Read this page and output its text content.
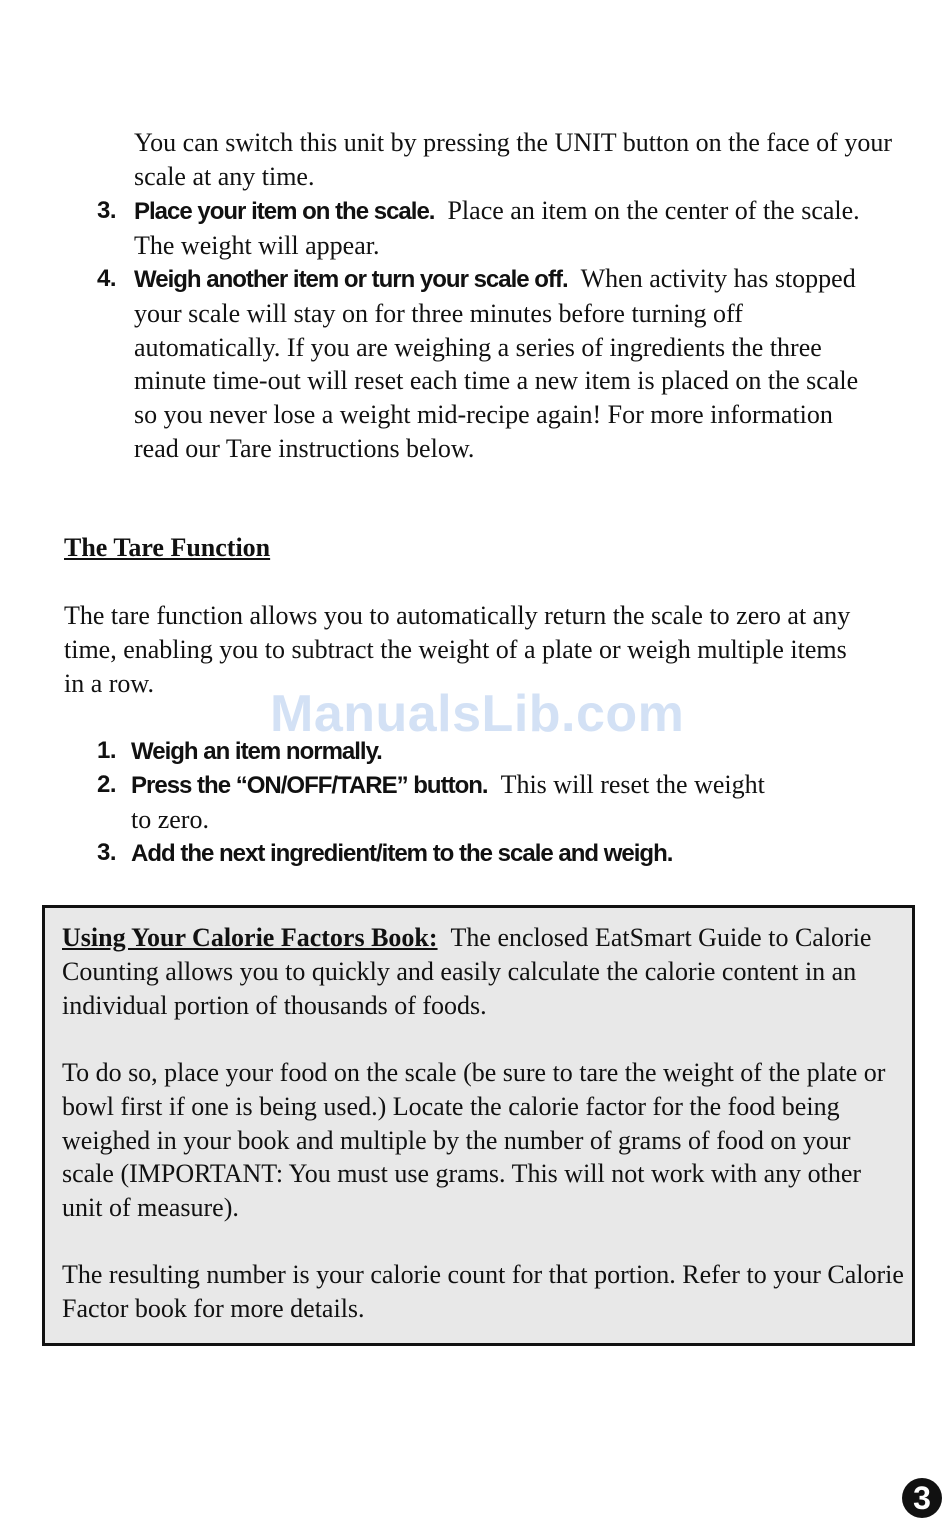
You can switch this unit by pressing the UNIT button on the face of your scale at any time.
3. Place your item on the scale. Place an item on the center of the scale. The weight will appear.
4. Weigh another item or turn your scale off. When activity has stopped your scale will stay on for three minutes before turning off automatically. If you are weighing a series of ingredients the three minute time-out will reset each time a new item is placed on the scale so you never lose a weight mid-recipe again! For more information read our Tare instructions below.
The Tare Function
The tare function allows you to automatically return the scale to zero at any time, enabling you to subtract the weight of a plate or weigh multiple items in a row.
ManualsLib.com
1. Weigh an item normally.
2. Press the “ON/OFF/TARE” button. This will reset the weight to zero.
3. Add the next ingredient/item to the scale and weigh.
Using Your Calorie Factors Book: The enclosed EatSmart Guide to Calorie Counting allows you to quickly and easily calculate the calorie content in an individual portion of thousands of foods.
To do so, place your food on the scale (be sure to tare the weight of the plate or bowl first if one is being used.) Locate the calorie factor for the food being weighed in your book and multiple by the number of grams of food on your scale (IMPORTANT: You must use grams. This will not work with any other unit of measure).
The resulting number is your calorie count for that portion. Refer to your Calorie Factor book for more details.
3
